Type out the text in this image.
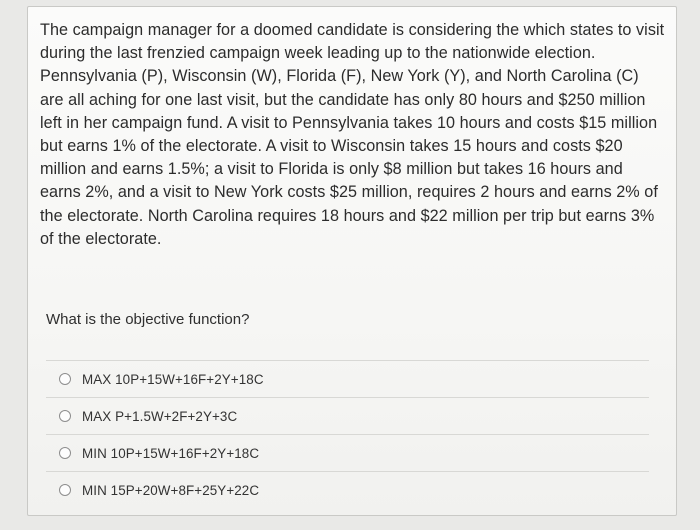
The campaign manager for a doomed candidate is considering the which states to visit during the last frenzied campaign week leading up to the nationwide election. Pennsylvania (P), Wisconsin (W), Florida (F), New York (Y), and North Carolina (C) are all aching for one last visit, but the candidate has only 80 hours and $250 million left in her campaign fund. A visit to Pennsylvania takes 10 hours and costs $15 million but earns 1% of the electorate. A visit to Wisconsin takes 15 hours and costs $20 million and earns 1.5%; a visit to Florida is only $8 million but takes 16 hours and earns 2%, and a visit to New York costs $25 million, requires 2 hours and earns 2% of the electorate. North Carolina requires 18 hours and $22 million per trip but earns 3% of the electorate.

What is the objective function?

MAX 10P+15W+16F+2Y+18C
MAX P+1.5W+2F+2Y+3C
MIN 10P+15W+16F+2Y+18C
MIN 15P+20W+8F+25Y+22C
